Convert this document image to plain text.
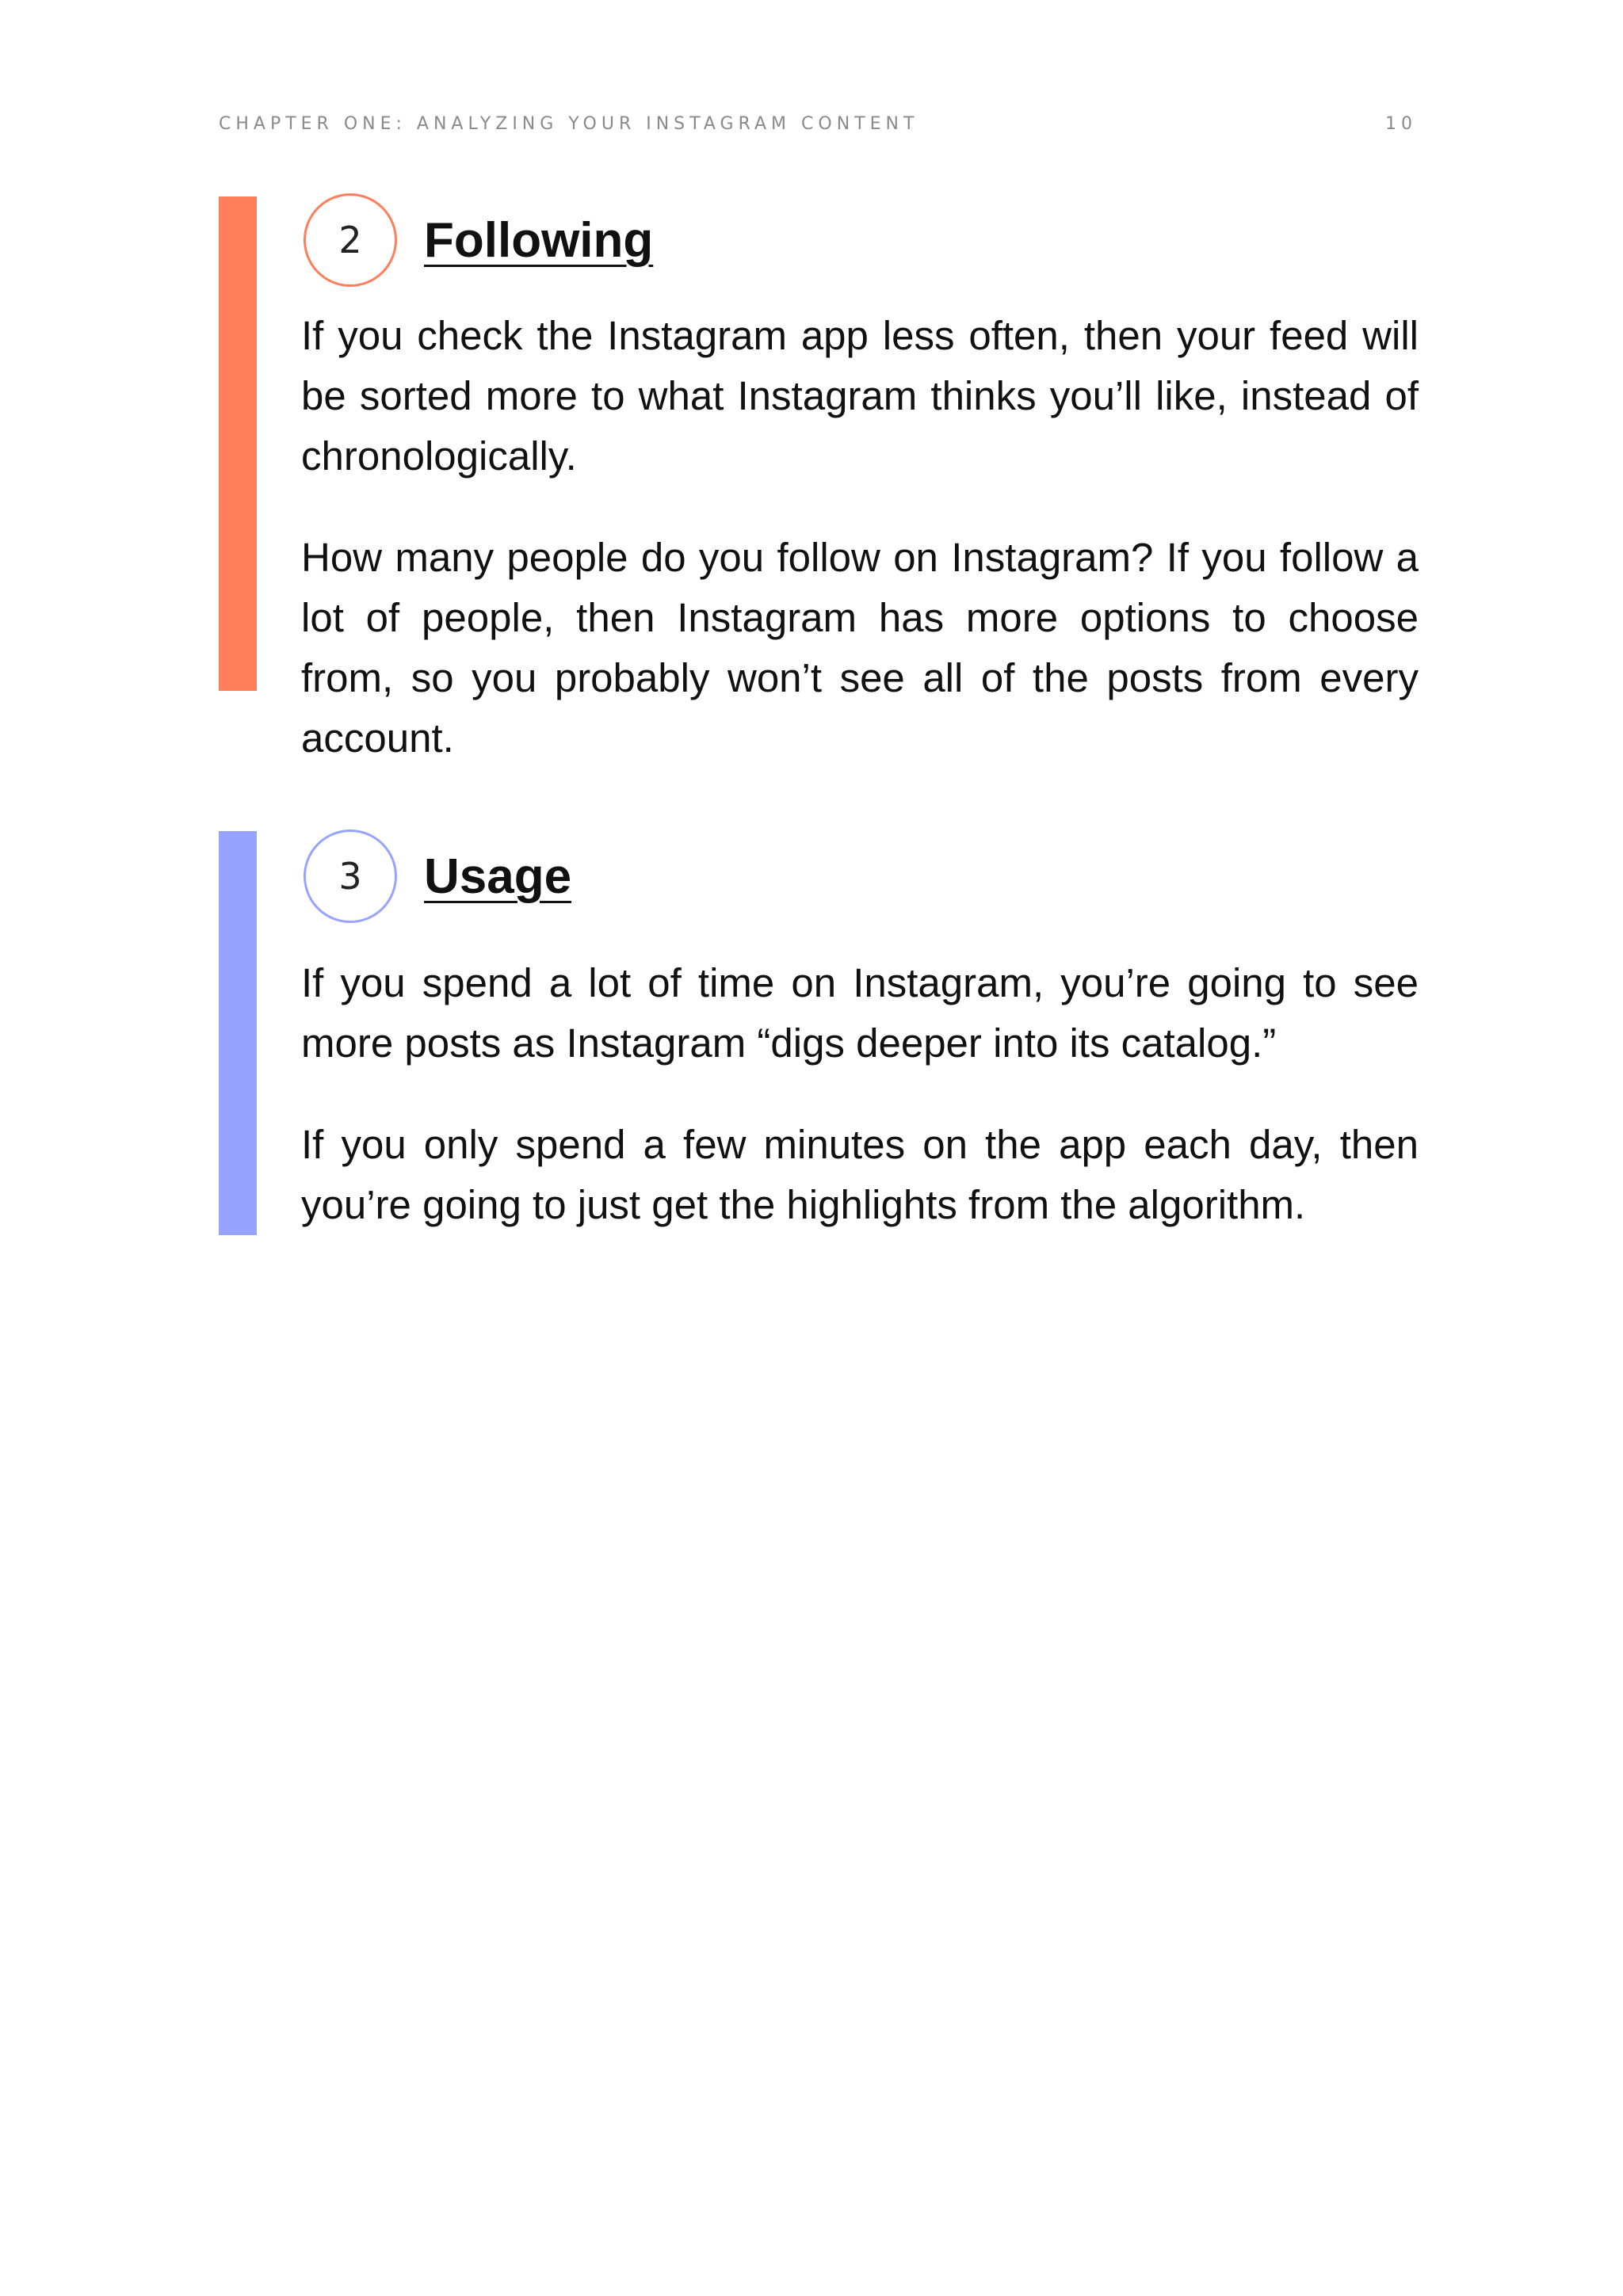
CHAPTER ONE: ANALYZING YOUR INSTAGRAM CONTENT	10
2	Following

If you check the Instagram app less often, then your feed will be sorted more to what Instagram thinks you’ll like, instead of chronologically.

How many people do you follow on Instagram? If you follow a lot of people, then Instagram has more options to choose from, so you probably won’t see all of the posts from every account.

3	Usage

If you spend a lot of time on Instagram, you’re going to see more posts as Instagram “digs deeper into its catalog.”

If you only spend a few minutes on the app each day, then you’re going to just get the highlights from the algorithm.
